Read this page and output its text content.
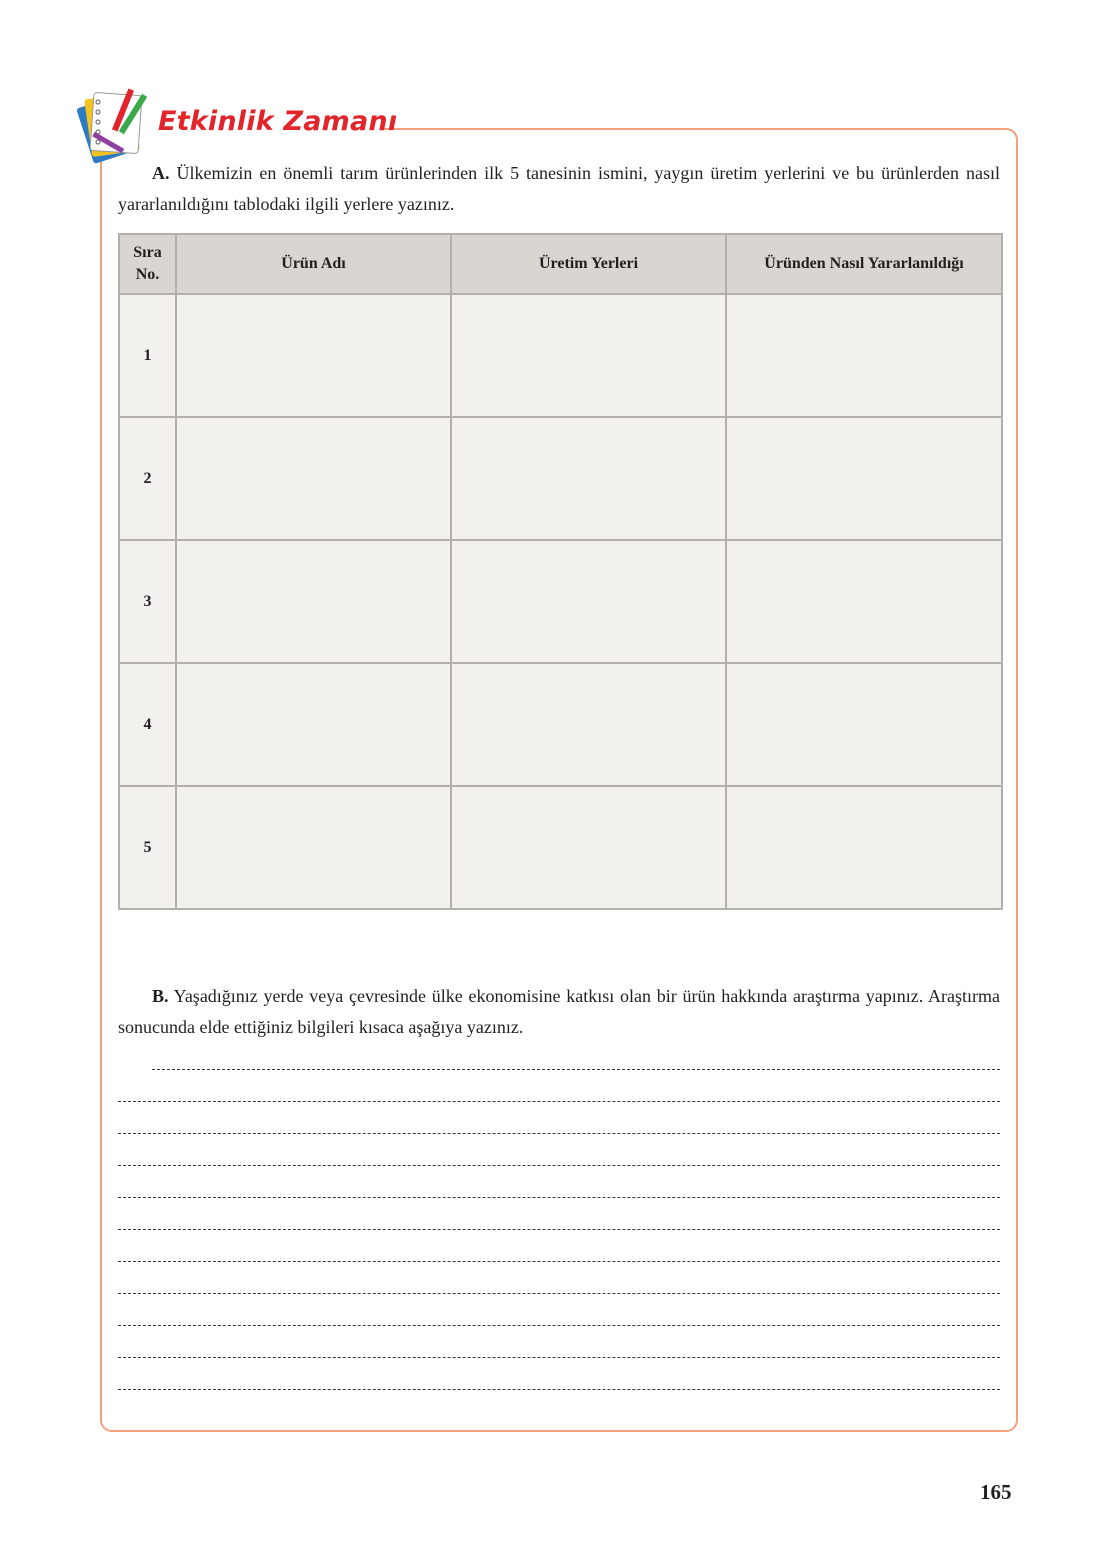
Etkinlik Zamanı
A. Ülkemizin en önemli tarım ürünlerinden ilk 5 tanesinin ismini, yaygın üretim yerlerini ve bu ürünlerden nasıl yararlanıldığını tablodaki ilgili yerlere yazınız.
Sıra
No.	Ürün Adı	Üretim Yerleri	Üründen Nasıl Yararlanıldığı
1			
2			
3			
4			
5			
B. Yaşadığınız yerde veya çevresinde ülke ekonomisine katkısı olan bir ürün hakkında araştırma yapınız. Araştırma sonucunda elde ettiğiniz bilgileri kısaca aşağıya yazınız.
165
